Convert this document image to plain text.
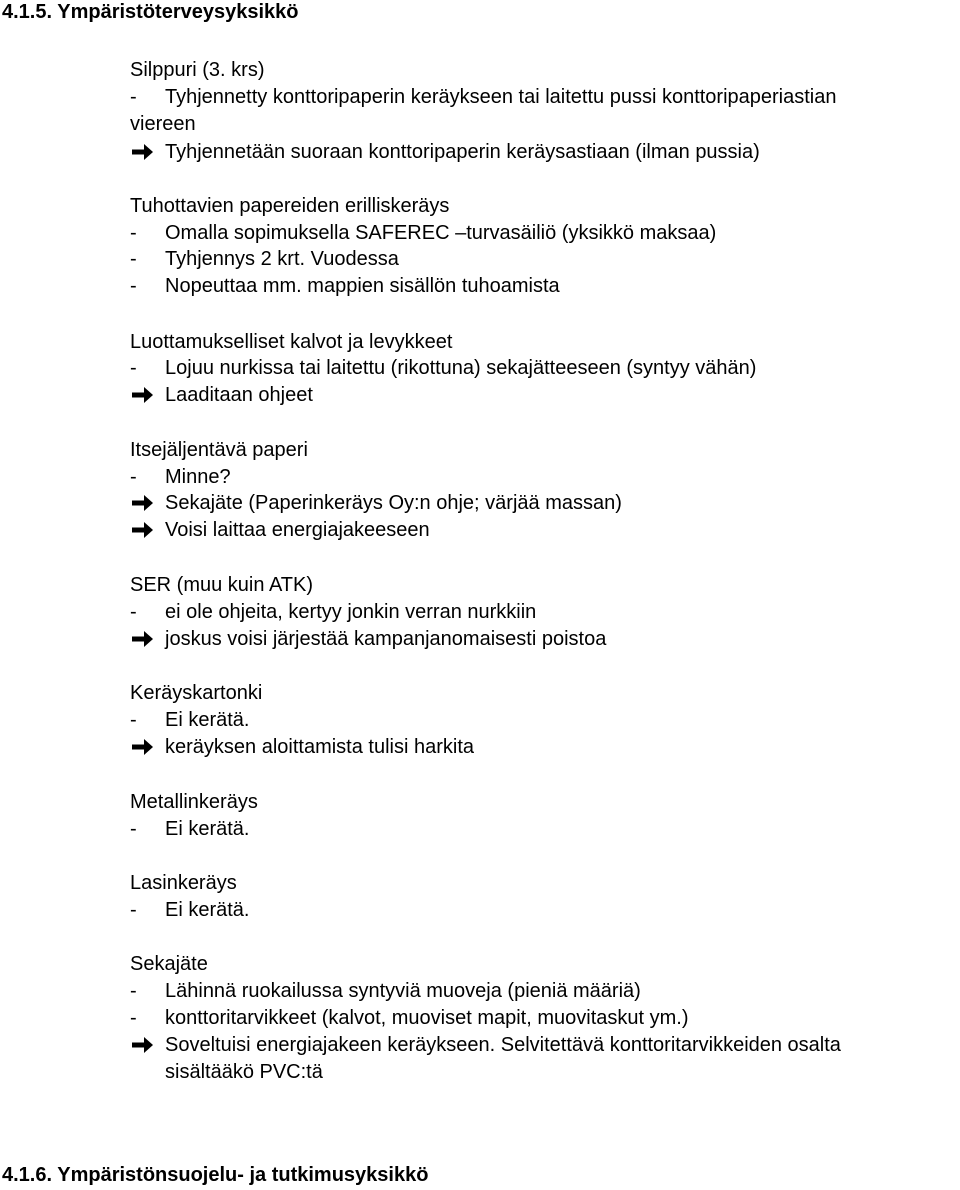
4.1.5. Ympäristöterveysyksikkö
Silppuri (3. krs)
-	Tyhjennetty konttoripaperin keräykseen tai laitettu pussi konttoripaperiastian
viereen
Tyhjennetään suoraan konttoripaperin keräysastiaan (ilman pussia)
Tuhottavien papereiden erilliskeräys
-	Omalla sopimuksella SAFEREC –turvasäiliö (yksikkö maksaa)
-	Tyhjennys 2 krt. Vuodessa
-	Nopeuttaa mm. mappien sisällön tuhoamista
Luottamukselliset kalvot ja levykkeet
-	Lojuu nurkissa tai laitettu (rikottuna) sekajätteeseen (syntyy vähän)
Laaditaan ohjeet
Itsejäljentävä paperi
-	Minne?
Sekajäte (Paperinkeräys Oy:n ohje; värjää massan)
Voisi laittaa energiajakeeseen
SER (muu kuin ATK)
-	ei ole ohjeita, kertyy jonkin verran nurkkiin
joskus voisi järjestää kampanjanomaisesti poistoa
Keräyskartonki
-	Ei kerätä.
keräyksen aloittamista tulisi harkita
Metallinkeräys
-	Ei kerätä.
Lasinkeräys
-	Ei kerätä.
Sekajäte
-	Lähinnä ruokailussa syntyviä muoveja (pieniä määriä)
-	konttoritarvikkeet (kalvot, muoviset mapit, muovitaskut ym.)
Soveltuisi energiajakeen keräykseen. Selvitettävä konttoritarvikkeiden osalta
sisältääkö PVC:tä
4.1.6. Ympäristönsuojelu- ja tutkimusyksikkö
